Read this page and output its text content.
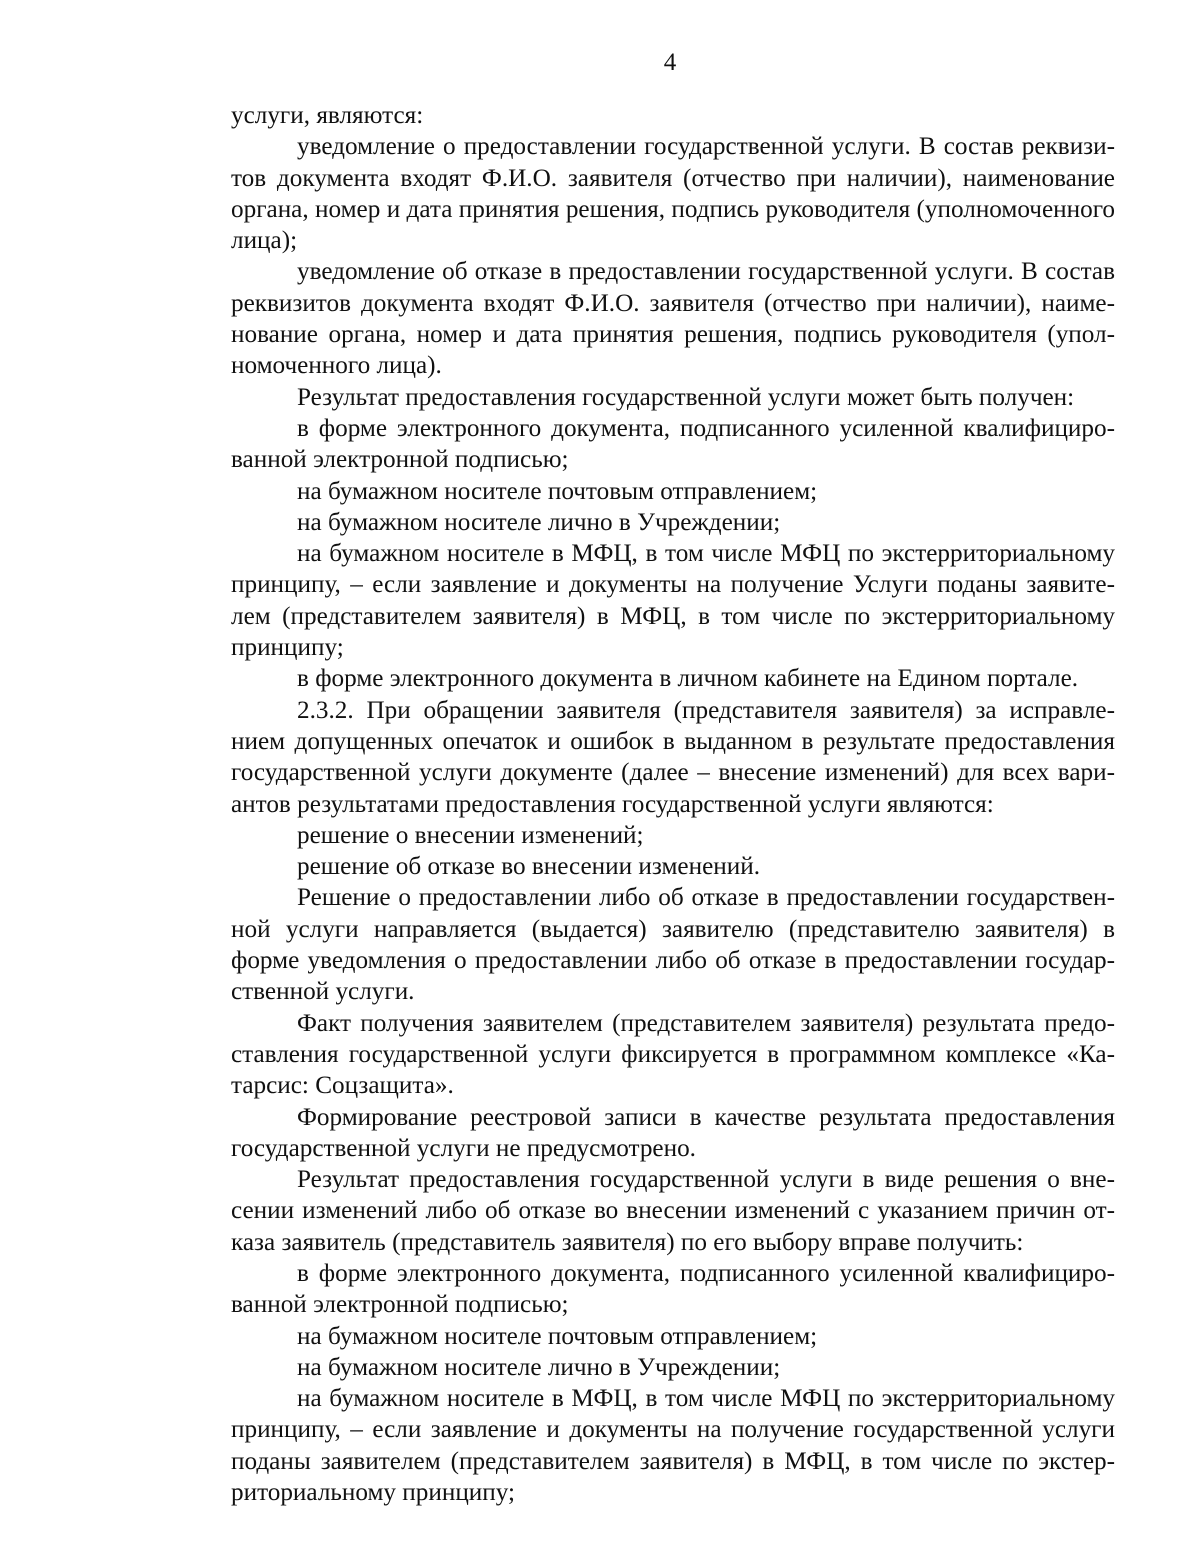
4

услуги, являются:

уведомление о предоставлении государственной услуги. В состав реквизитов документа входят Ф.И.О. заявителя (отчество при наличии), наименование органа, номер и дата принятия решения, подпись руководителя (уполномоченного лица);

уведомление об отказе в предоставлении государственной услуги. В состав реквизитов документа входят Ф.И.О. заявителя (отчество при наличии), наименование органа, номер и дата принятия решения, подпись руководителя (уполномоченного лица).

Результат предоставления государственной услуги может быть получен:

в форме электронного документа, подписанного усиленной квалифицированной электронной подписью;

на бумажном носителе почтовым отправлением;

на бумажном носителе лично в Учреждении;

на бумажном носителе в МФЦ, в том числе МФЦ по экстерриториальному принципу, – если заявление и документы на получение Услуги поданы заявителем (представителем заявителя) в МФЦ, в том числе по экстерриториальному принципу;

в форме электронного документа в личном кабинете на Едином портале.

2.3.2. При обращении заявителя (представителя заявителя) за исправлением допущенных опечаток и ошибок в выданном в результате предоставления государственной услуги документе (далее – внесение изменений) для всех вариантов результатами предоставления государственной услуги являются:

решение о внесении изменений;

решение об отказе во внесении изменений.

Решение о предоставлении либо об отказе в предоставлении государственной услуги направляется (выдается) заявителю (представителю заявителя) в форме уведомления о предоставлении либо об отказе в предоставлении государственной услуги.

Факт получения заявителем (представителем заявителя) результата предоставления государственной услуги фиксируется в программном комплексе «Катарсис: Соцзащита».

Формирование реестровой записи в качестве результата предоставления государственной услуги не предусмотрено.

Результат предоставления государственной услуги в виде решения о внесении изменений либо об отказе во внесении изменений с указанием причин отказа заявитель (представитель заявителя) по его выбору вправе получить:

в форме электронного документа, подписанного усиленной квалифицированной электронной подписью;

на бумажном носителе почтовым отправлением;

на бумажном носителе лично в Учреждении;

на бумажном носителе в МФЦ, в том числе МФЦ по экстерриториальному принципу, – если заявление и документы на получение государственной услуги поданы заявителем (представителем заявителя) в МФЦ, в том числе по экстерриториальному принципу;
